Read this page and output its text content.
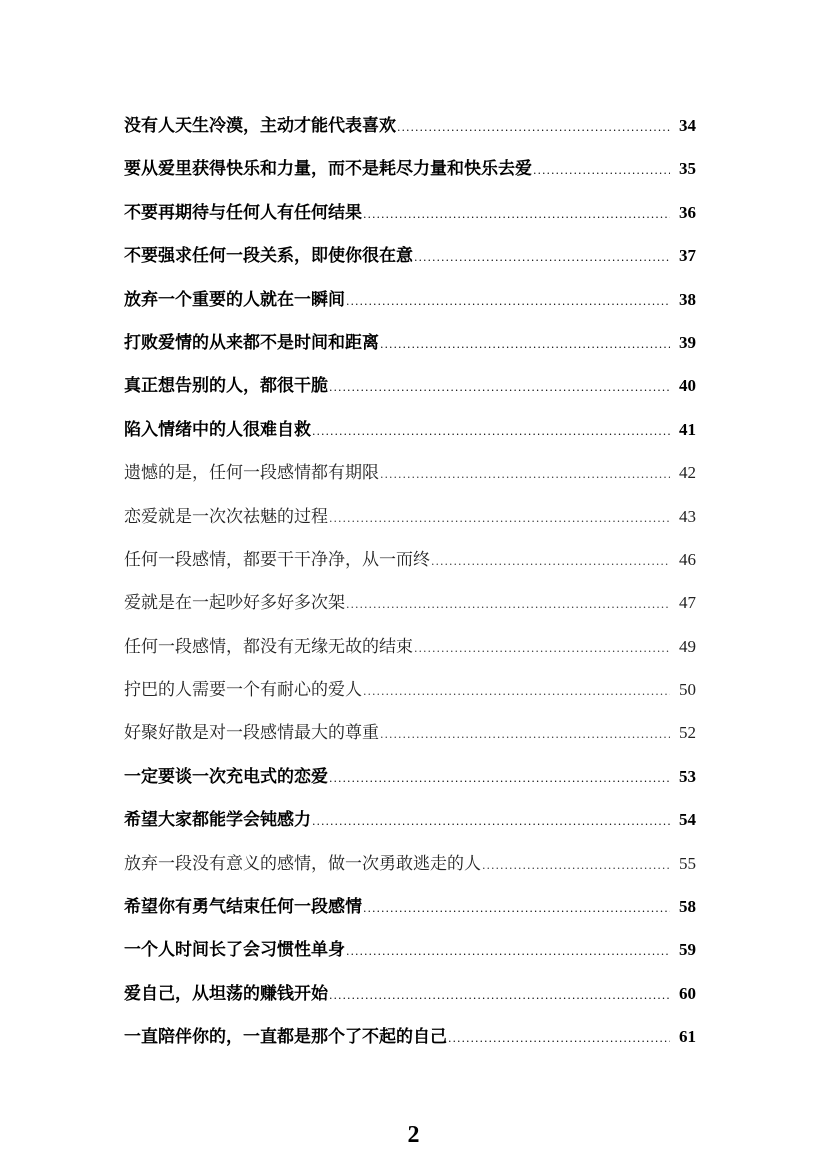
没有人天生冷漠，主动才能代表喜欢 .....	34
要从爱里获得快乐和力量，而不是耗尽力量和快乐去爱 .....	35
不要再期待与任何人有任何结果 .....	36
不要强求任何一段关系，即使你很在意 .....	37
放弃一个重要的人就在一瞬间 .....	38
打败爱情的从来都不是时间和距离 .....	39
真正想告别的人，都很干脆 .....	40
陷入情绪中的人很难自救 .....	41
遗憾的是，任何一段感情都有期限 .....	42
恋爱就是一次次祛魅的过程 .....	43
任何一段感情，都要干干净净，从一而终 .....	46
爱就是在一起吵好多好多次架 .....	47
任何一段感情，都没有无缘无故的结束 .....	49
拧巴的人需要一个有耐心的爱人 .....	50
好聚好散是对一段感情最大的尊重 .....	52
一定要谈一次充电式的恋爱 .....	53
希望大家都能学会钝感力 .....	54
放弃一段没有意义的感情，做一次勇敢逃走的人 .....	55
希望你有勇气结束任何一段感情 .....	58
一个人时间长了会习惯性单身 .....	59
爱自己，从坦荡的赚钱开始 .....	60
一直陪伴你的，一直都是那个了不起的自己 .....	61
2
